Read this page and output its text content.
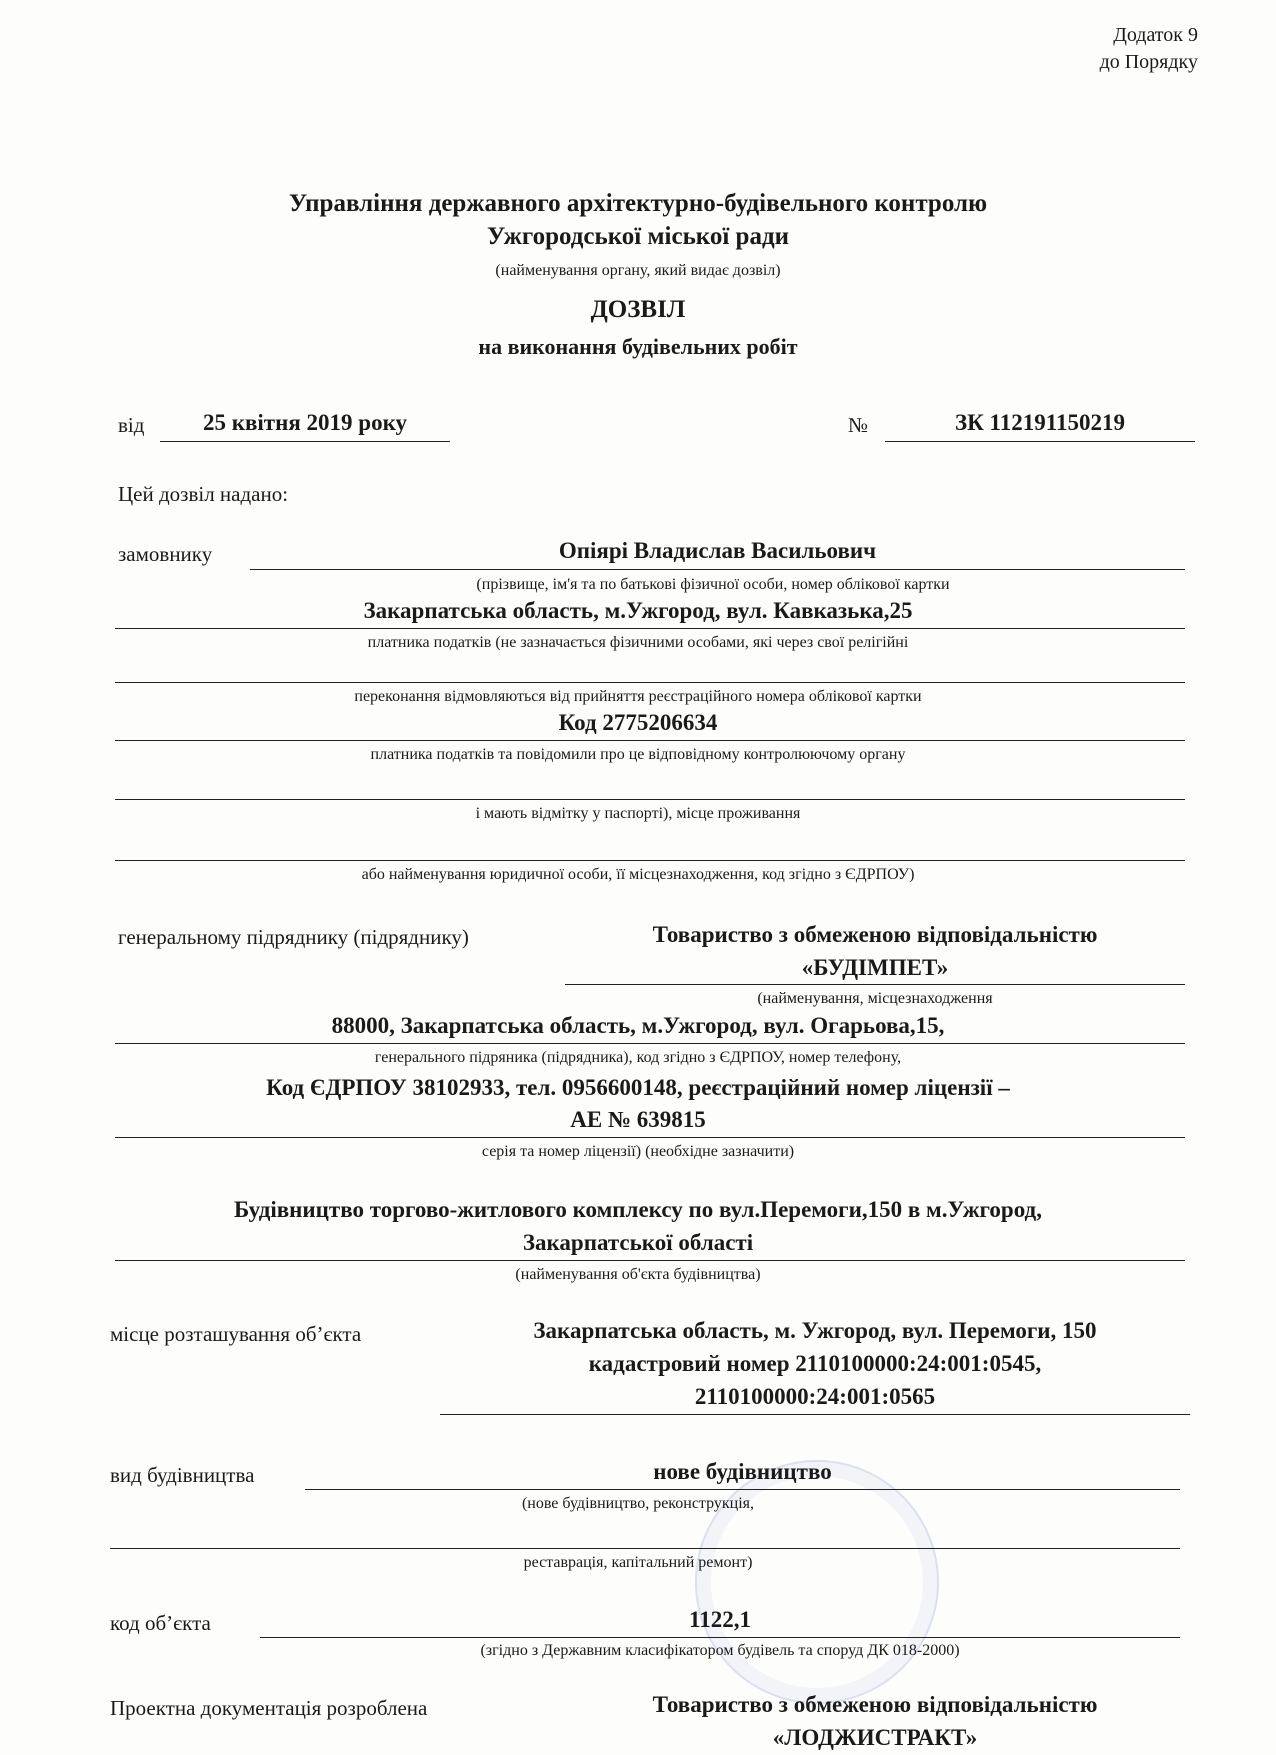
Додаток 9
до Порядку
Управління державного архітектурно-будівельного контролю
Ужгородської міської ради
(найменування органу, який видає дозвіл)
ДОЗВІЛ
на виконання будівельних робіт
від	25 квітня 2019 року	№	ЗК 112191150219
Цей дозвіл надано:
замовнику	Опіярі Владислав Васильович
(прізвище, ім'я та по батькові фізичної особи, номер облікової картки
Закарпатська область, м.Ужгород, вул. Кавказька,25
платника податків (не зазначається фізичними особами, які через свої релігійні
переконання відмовляються від прийняття реєстраційного номера облікової картки
Код 2775206634
платника податків та повідомили про це відповідному контролюючому органу
і мають відмітку у паспорті), місце проживання
або найменування юридичної особи, її місцезнаходження, код згідно з ЄДРПОУ)
генеральному підряднику (підряднику)	Товариство з обмеженою відповідальністю
«БУДІМПЕТ»
(найменування, місцезнаходження
88000, Закарпатська область, м.Ужгород, вул. Огарьова,15,
генерального підряника (підрядника), код згідно з ЄДРПОУ, номер телефону,
Код ЄДРПОУ 38102933, тел. 0956600148, реєстраційний номер ліцензії –
АЕ № 639815
серія та номер ліцензії) (необхідне зазначити)
Будівництво торгово-житлового комплексу по вул.Перемоги,150 в м.Ужгород,
Закарпатської області
(найменування об'єкта будівництва)
місце розташування об’єкта	Закарпатська область, м. Ужгород, вул. Перемоги, 150
кадастровий номер 2110100000:24:001:0545,
2110100000:24:001:0565
вид будівництва	нове будівництво
(нове будівництво, реконструкція,
реставрація, капітальний ремонт)
код об’єкта	1122,1
(згідно з Державним класифікатором будівель та споруд ДК 018-2000)
Проектна документація розроблена	Товариство з обмеженою відповідальністю
«ЛОДЖИСТРАКТ»
